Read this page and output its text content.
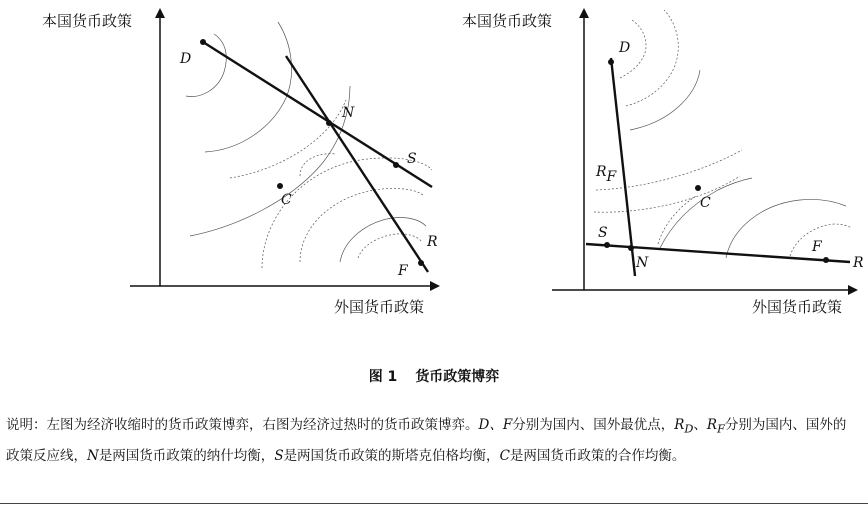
D
N
S
C
R
F
D
RF
C
S
N
F
R
本国货币政策
外国货币政策
本国货币政策
外国货币政策
图 1 货币政策博弈
说明：左图为经济收缩时的货币政策博弈，右图为经济过热时的货币政策博弈。D、F分别为国内、国外最优点，$R_D$、$R_F$分别为国内、国外的政策反应线，N是两国货币政策的纳什均衡，S是两国货币政策的斯塔克伯格均衡，C是两国货币政策的合作均衡。
